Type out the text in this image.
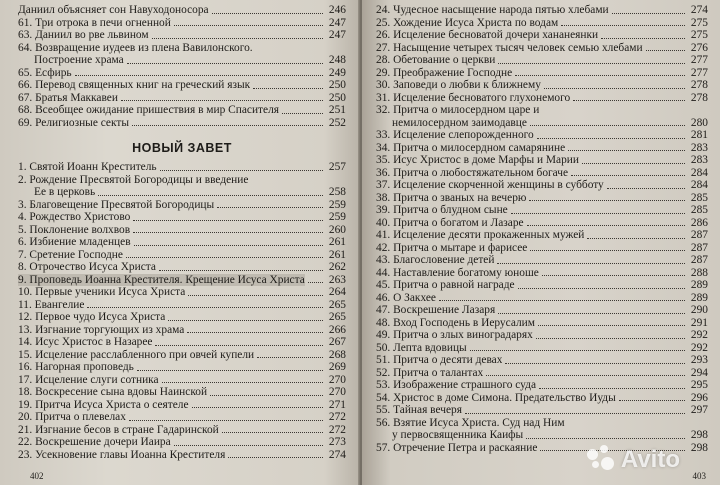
Даниил объясняет сон Навуходоносора	246
61. Три отрока в печи огненной	247
63. Даниил во рве львином	247
64. Возвращение иудеев из плена Вавилонского.
Построение храма	248
65. Есфирь	249
66. Перевод священных книг на греческий язык	250
67. Братья Маккавеи	250
68. Всеобщее ожидание пришествия в мир Спасителя	251
69. Религиозные секты	252
НОВЫЙ ЗАВЕТ
1. Святой Иоанн Креститель	257
2. Рождение Пресвятой Богородицы и введение
Ее в церковь	258
3. Благовещение Пресвятой Богородицы	259
4. Рождество Христово	259
5. Поклонение волхвов	260
6. Избиение младенцев	261
7. Сретение Господне	261
8. Отрочество Исуса Христа	262
9. Проповедь Иоанна Крестителя. Крещение Исуса Христа 263
10. Первые ученики Исуса Христа	264
11. Евангелие	265
12. Первое чудо Исуса Христа	265
13. Изгнание торгующих из храма	266
14. Исус Христос в Назарее	267
15. Исцеление расслабленного при овчей купели	268
16. Нагорная проповедь	269
17. Исцеление слуги сотника	270
18. Воскресение сына вдовы Наинской	270
19. Притча Исуса Христа о сеятеле	271
20. Притча о плевелах	272
21. Изгнание бесов в стране Гадаринской	272
22. Воскрешение дочери Иаира	273
23. Усекновение главы Иоанна Крестителя	274
402
24. Чудесное насыщение народа пятью хлебами	274
25. Хождение Исуса Христа по водам	275
26. Исцеление бесноватой дочери хананеянки	275
27. Насыщение четырех тысяч человек семью хлебами	276
28. Обетование о церкви	277
29. Преображение Господне	277
30. Заповеди о любви к ближнему	278
31. Исцеление бесноватого глухонемого	278
32. Притча о милосердном царе и
немилосердном заимодавце	280
33. Исцеление слепорожденного	281
34. Притча о милосердном самарянине	283
35. Исус Христос в доме Марфы и Марии	283
36. Притча о любостяжательном богаче	284
37. Исцеление скорченной женщины в субботу	284
38. Притча о званых на вечерю	285
39. Притча о блудном сыне	285
40. Притча о богатом и Лазаре	286
41. Исцеление десяти прокаженных мужей	287
42. Притча о мытаре и фарисее	287
43. Благословение детей	287
44. Наставление богатому юноше	288
45. Притча о равной награде	289
46. О Закхее	289
47. Воскрешение Лазаря	290
48. Вход Господень в Иерусалим	291
49. Притча о злых виноградарях	292
50. Лепта вдовицы	292
51. Притча о десяти девах	293
52. Притча о талантах	294
53. Изображение страшного суда	295
54. Христос в доме Симона. Предательство Иуды	296
55. Тайная вечеря	297
56. Взятие Исуса Христа. Суд над Ним
у первосвященника Каифы	298
57. Отречение Петра и раскаяние	298
403
Avito
